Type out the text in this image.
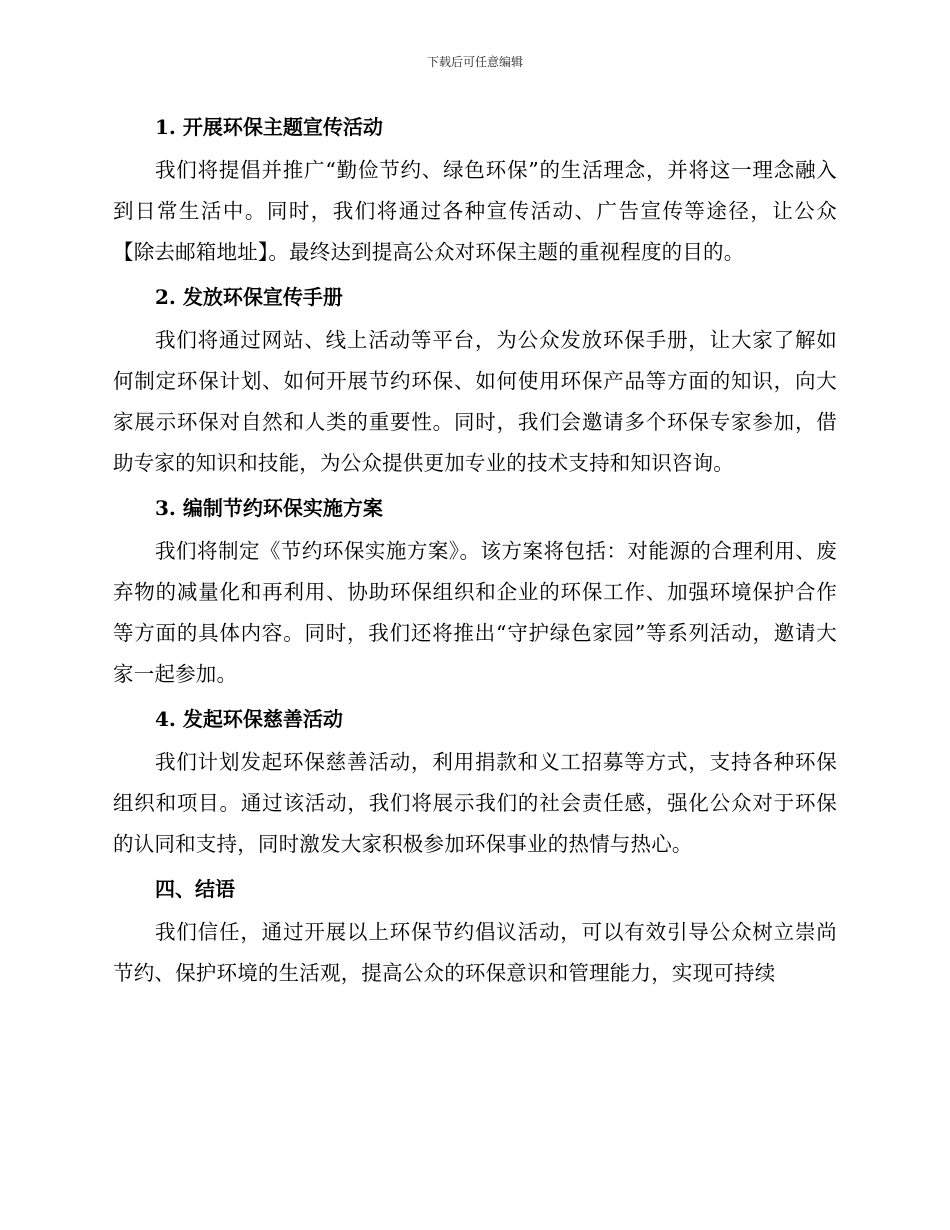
下载后可任意编辑
1. 开展环保主题宣传活动

我们将提倡并推广“勤俭节约、绿色环保”的生活理念，并将这一理念融入到日常生活中。同时，我们将通过各种宣传活动、广告宣传等途径，让公众【除去邮箱地址】。最终达到提高公众对环保主题的重视程度的目的。

2. 发放环保宣传手册

我们将通过网站、线上活动等平台，为公众发放环保手册，让大家了解如何制定环保计划、如何开展节约环保、如何使用环保产品等方面的知识，向大家展示环保对自然和人类的重要性。同时，我们会邀请多个环保专家参加，借助专家的知识和技能，为公众提供更加专业的技术支持和知识咨询。

3. 编制节约环保实施方案

我们将制定《节约环保实施方案》。该方案将包括：对能源的合理利用、废弃物的减量化和再利用、协助环保组织和企业的环保工作、加强环境保护合作等方面的具体内容。同时，我们还将推出“守护绿色家园”等系列活动，邀请大家一起参加。

4. 发起环保慈善活动

我们计划发起环保慈善活动，利用捐款和义工招募等方式，支持各种环保组织和项目。通过该活动，我们将展示我们的社会责任感，强化公众对于环保的认同和支持，同时激发大家积极参加环保事业的热情与热心。

四、结语

我们信任，通过开展以上环保节约倡议活动，可以有效引导公众树立崇尚节约、保护环境的生活观，提高公众的环保意识和管理能力，实现可持续
